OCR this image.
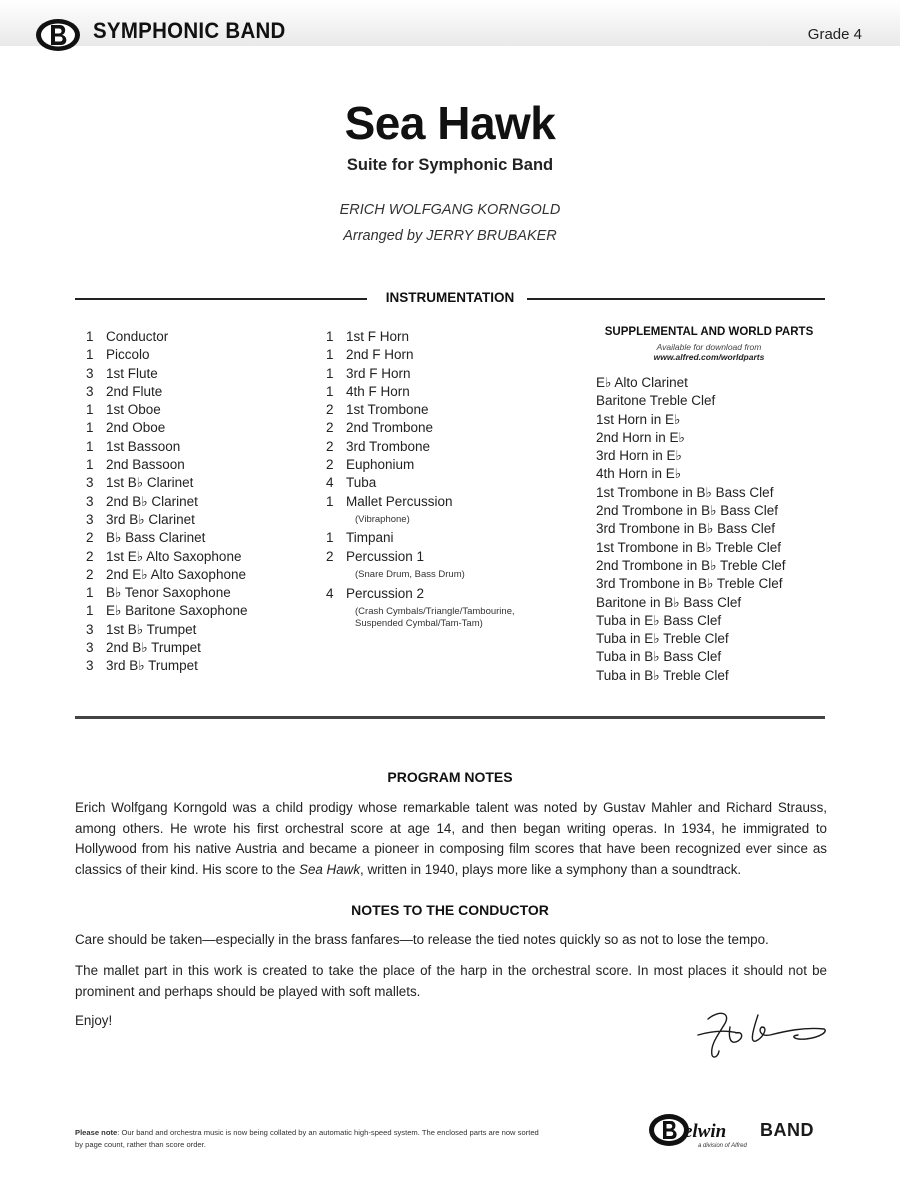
SYMPHONIC BAND	Grade 4
Sea Hawk
Suite for Symphonic Band
ERICH WOLFGANG KORNGOLD
Arranged by JERRY BRUBAKER
INSTRUMENTATION
1 Conductor
1 Piccolo
3 1st Flute
3 2nd Flute
1 1st Oboe
1 2nd Oboe
1 1st Bassoon
1 2nd Bassoon
3 1st B♭ Clarinet
3 2nd B♭ Clarinet
3 3rd B♭ Clarinet
2 B♭ Bass Clarinet
2 1st E♭ Alto Saxophone
2 2nd E♭ Alto Saxophone
1 B♭ Tenor Saxophone
1 E♭ Baritone Saxophone
3 1st B♭ Trumpet
3 2nd B♭ Trumpet
3 3rd B♭ Trumpet
1 1st F Horn
1 2nd F Horn
1 3rd F Horn
1 4th F Horn
2 1st Trombone
2 2nd Trombone
2 3rd Trombone
2 Euphonium
4 Tuba
1 Mallet Percussion
(Vibraphone)
1 Timpani
2 Percussion 1
(Snare Drum, Bass Drum)
4 Percussion 2
(Crash Cymbals/Triangle/Tambourine,
Suspended Cymbal/Tam-Tam)
SUPPLEMENTAL AND WORLD PARTS
Available for download from
www.alfred.com/worldparts
E♭ Alto Clarinet
Baritone Treble Clef
1st Horn in E♭
2nd Horn in E♭
3rd Horn in E♭
4th Horn in E♭
1st Trombone in B♭ Bass Clef
2nd Trombone in B♭ Bass Clef
3rd Trombone in B♭ Bass Clef
1st Trombone in B♭ Treble Clef
2nd Trombone in B♭ Treble Clef
3rd Trombone in B♭ Treble Clef
Baritone in B♭ Bass Clef
Tuba in E♭ Bass Clef
Tuba in E♭ Treble Clef
Tuba in B♭ Bass Clef
Tuba in B♭ Treble Clef
PROGRAM NOTES
Erich Wolfgang Korngold was a child prodigy whose remarkable talent was noted by Gustav Mahler and Richard Strauss, among others. He wrote his first orchestral score at age 14, and then began writing operas. In 1934, he immigrated to Hollywood from his native Austria and became a pioneer in composing film scores that have been recognized ever since as classics of their kind. His score to the Sea Hawk, written in 1940, plays more like a symphony than a soundtrack.
NOTES TO THE CONDUCTOR
Care should be taken—especially in the brass fanfares—to release the tied notes quickly so as not to lose the tempo.
The mallet part in this work is created to take the place of the harp in the orchestral score. In most places it should not be prominent and perhaps should be played with soft mallets.
Enjoy!
Please note: Our band and orchestra music is now being collated by an automatic high-speed system. The enclosed parts are now sorted by page count, rather than score order.
elwin BAND
a division of Alfred
